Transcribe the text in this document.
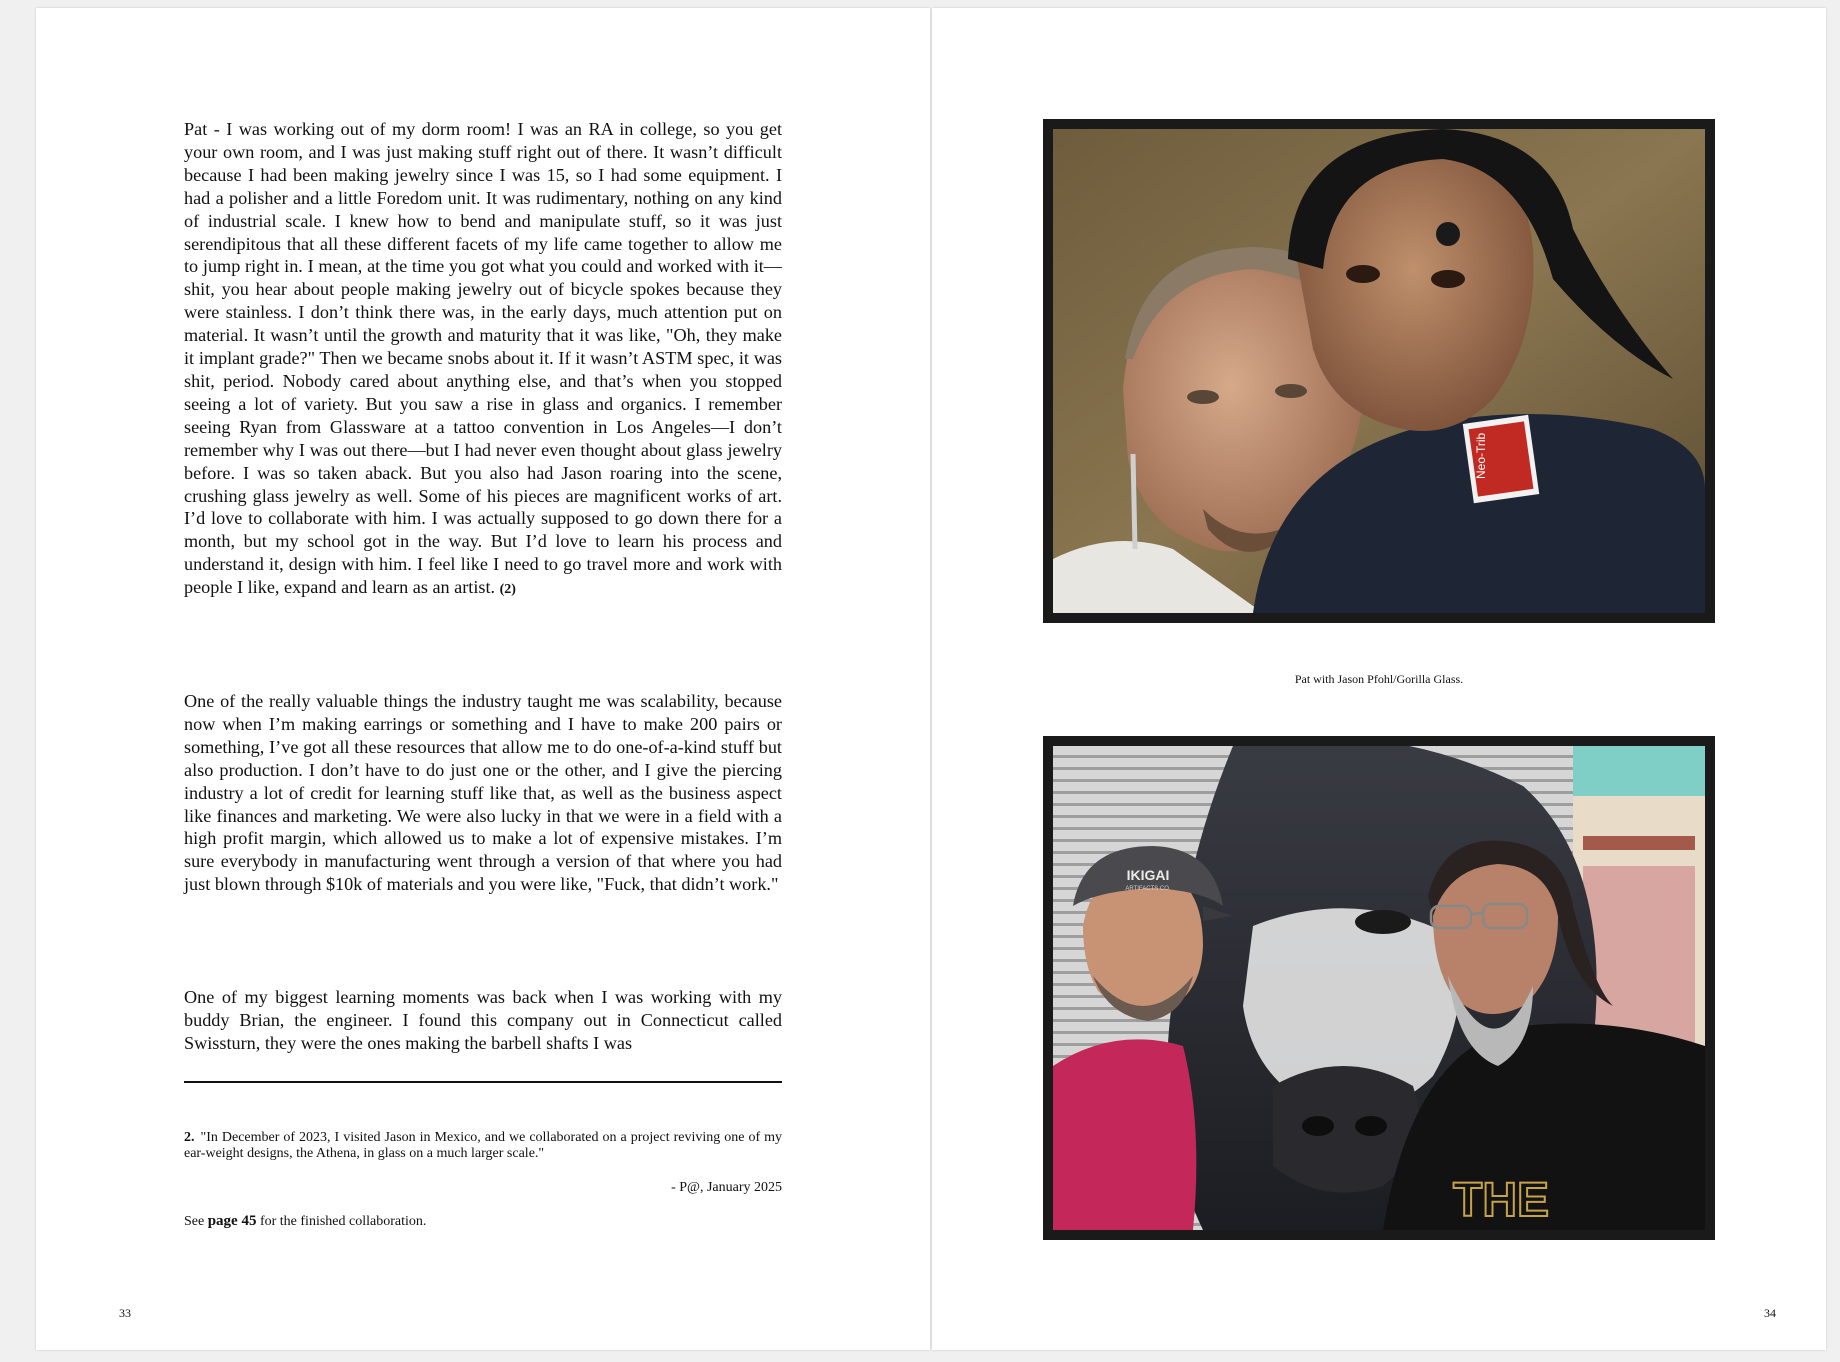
Pat - I was working out of my dorm room! I was an RA in college, so you get your own room, and I was just making stuff right out of there. It wasn’t difficult because I had been making jewelry since I was 15, so I had some equipment. I had a polisher and a little Foredom unit. It was rudimentary, nothing on any kind of industrial scale. I knew how to bend and manipulate stuff, so it was just serendipitous that all these different facets of my life came together to allow me to jump right in. I mean, at the time you got what you could and worked with it—shit, you hear about people making jewelry out of bicycle spokes because they were stainless. I don’t think there was, in the early days, much attention put on material. It wasn’t until the growth and maturity that it was like, "Oh, they make it implant grade?" Then we became snobs about it. If it wasn’t ASTM spec, it was shit, period. Nobody cared about anything else, and that’s when you stopped seeing a lot of variety. But you saw a rise in glass and organics. I remember seeing Ryan from Glassware at a tattoo convention in Los Angeles—I don’t remember why I was out there—but I had never even thought about glass jewelry before. I was so taken aback. But you also had Jason roaring into the scene, crushing glass jewelry as well. Some of his pieces are magnificent works of art. I’d love to collaborate with him. I was actually supposed to go down there for a month, but my school got in the way. But I’d love to learn his process and understand it, design with him. I feel like I need to go travel more and work with people I like, expand and learn as an artist. (2)

One of the really valuable things the industry taught me was scalability, because now when I’m making earrings or something and I have to make 200 pairs or something, I’ve got all these resources that allow me to do one-of-a-kind stuff but also production. I don’t have to do just one or the other, and I give the piercing industry a lot of credit for learning stuff like that, as well as the business aspect like finances and marketing. We were also lucky in that we were in a field with a high profit margin, which allowed us to make a lot of expensive mistakes. I’m sure everybody in manufacturing went through a version of that where you had just blown through $10k of materials and you were like, "Fuck, that didn’t work."

One of my biggest learning moments was back when I was working with my buddy Brian, the engineer. I found this company out in Connecticut called Swissturn, they were the ones making the barbell shafts I was

2. "In December of 2023, I visited Jason in Mexico, and we collaborated on a project reviving one of my ear-weight designs, the Athena, in glass on a much larger scale."

- P@, January 2025

See page 45 for the finished collaboration.

33
Neo-Trib
Pat with Jason Pfohl/Gorilla Glass.
IKIGAI
ARTIFACTS CO.
THE
34
